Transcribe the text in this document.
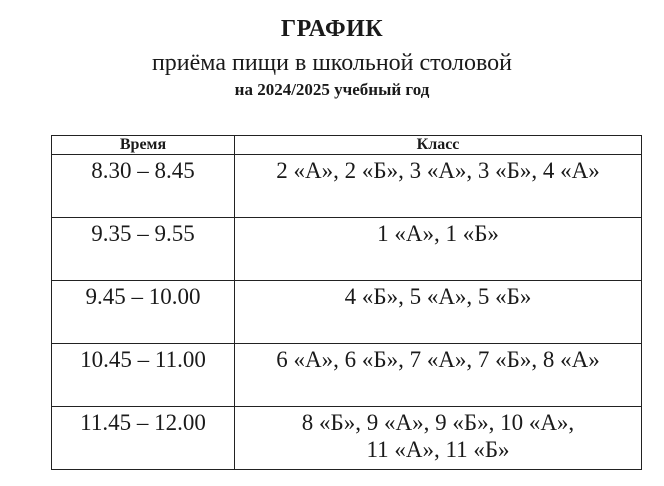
ГРАФИК
приёма пищи в школьной столовой
на 2024/2025 учебный год
Время	Класс
8.30 – 8.45	2 «А», 2 «Б», 3 «А», 3 «Б», 4 «А»
9.35 – 9.55	1 «А», 1 «Б»
9.45 – 10.00	4 «Б», 5 «А», 5 «Б»
10.45 – 11.00	6 «А», 6 «Б», 7 «А», 7 «Б», 8 «А»
11.45 – 12.00	8 «Б», 9 «А», 9 «Б», 10 «А»,
11 «А», 11 «Б»
